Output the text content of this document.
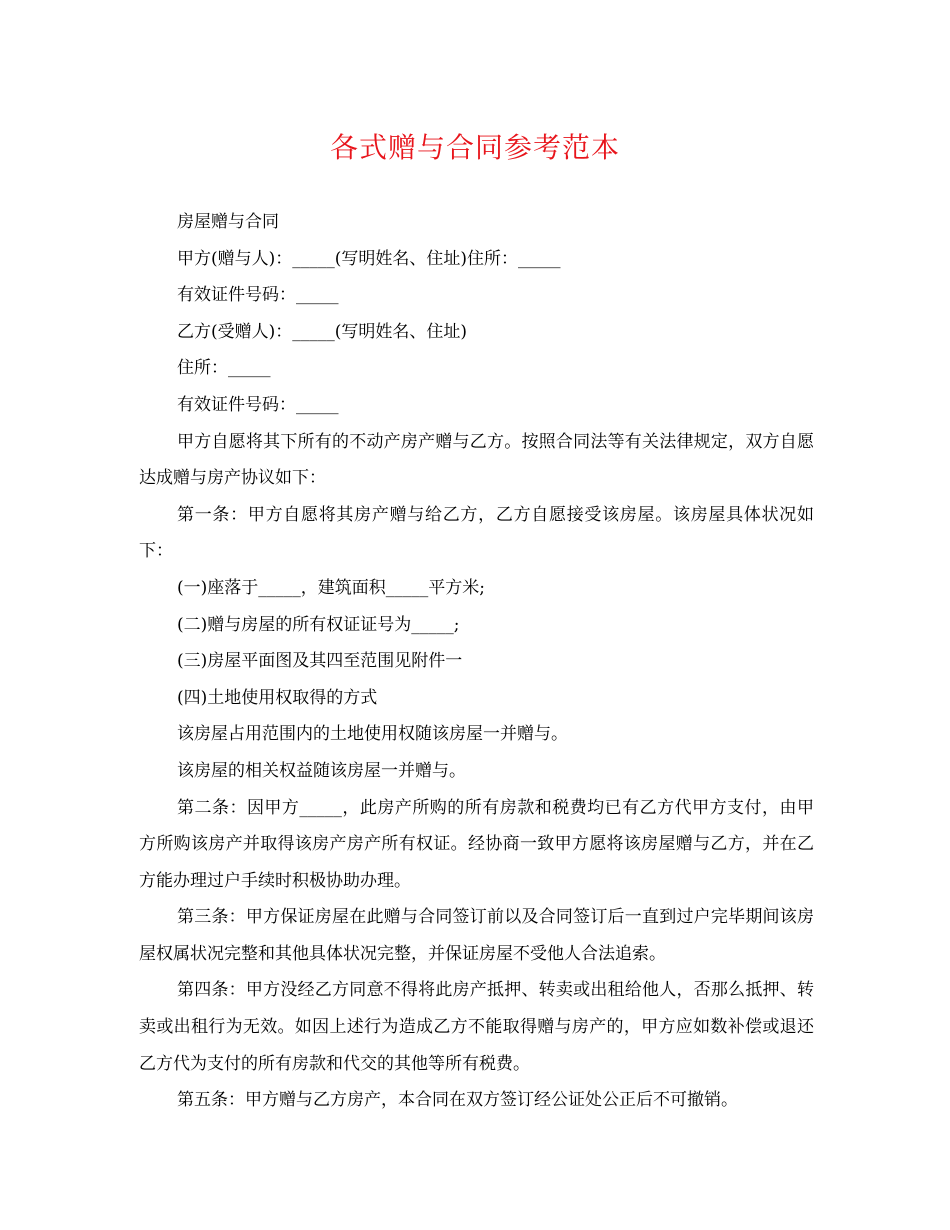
各式赠与合同参考范本

房屋赠与合同

甲方(赠与人)：_____(写明姓名、住址)住所：_____

有效证件号码：_____

乙方(受赠人)：_____(写明姓名、住址)

住所：_____

有效证件号码：_____

甲方自愿将其下所有的不动产房产赠与乙方。按照合同法等有关法律规定，双方自愿达成赠与房产协议如下：

第一条：甲方自愿将其房产赠与给乙方，乙方自愿接受该房屋。该房屋具体状况如下：

(一)座落于_____，建筑面积_____平方米;

(二)赠与房屋的所有权证证号为_____;

(三)房屋平面图及其四至范围见附件一

(四)土地使用权取得的方式

该房屋占用范围内的土地使用权随该房屋一并赠与。

该房屋的相关权益随该房屋一并赠与。

第二条：因甲方_____，此房产所购的所有房款和税费均已有乙方代甲方支付，由甲方所购该房产并取得该房产房产所有权证。经协商一致甲方愿将该房屋赠与乙方，并在乙方能办理过户手续时积极协助办理。

第三条：甲方保证房屋在此赠与合同签订前以及合同签订后一直到过户完毕期间该房屋权属状况完整和其他具体状况完整，并保证房屋不受他人合法追索。

第四条：甲方没经乙方同意不得将此房产抵押、转卖或出租给他人，否那么抵押、转卖或出租行为无效。如因上述行为造成乙方不能取得赠与房产的，甲方应如数补偿或退还乙方代为支付的所有房款和代交的其他等所有税费。

第五条：甲方赠与乙方房产，本合同在双方签订经公证处公正后不可撤销。
